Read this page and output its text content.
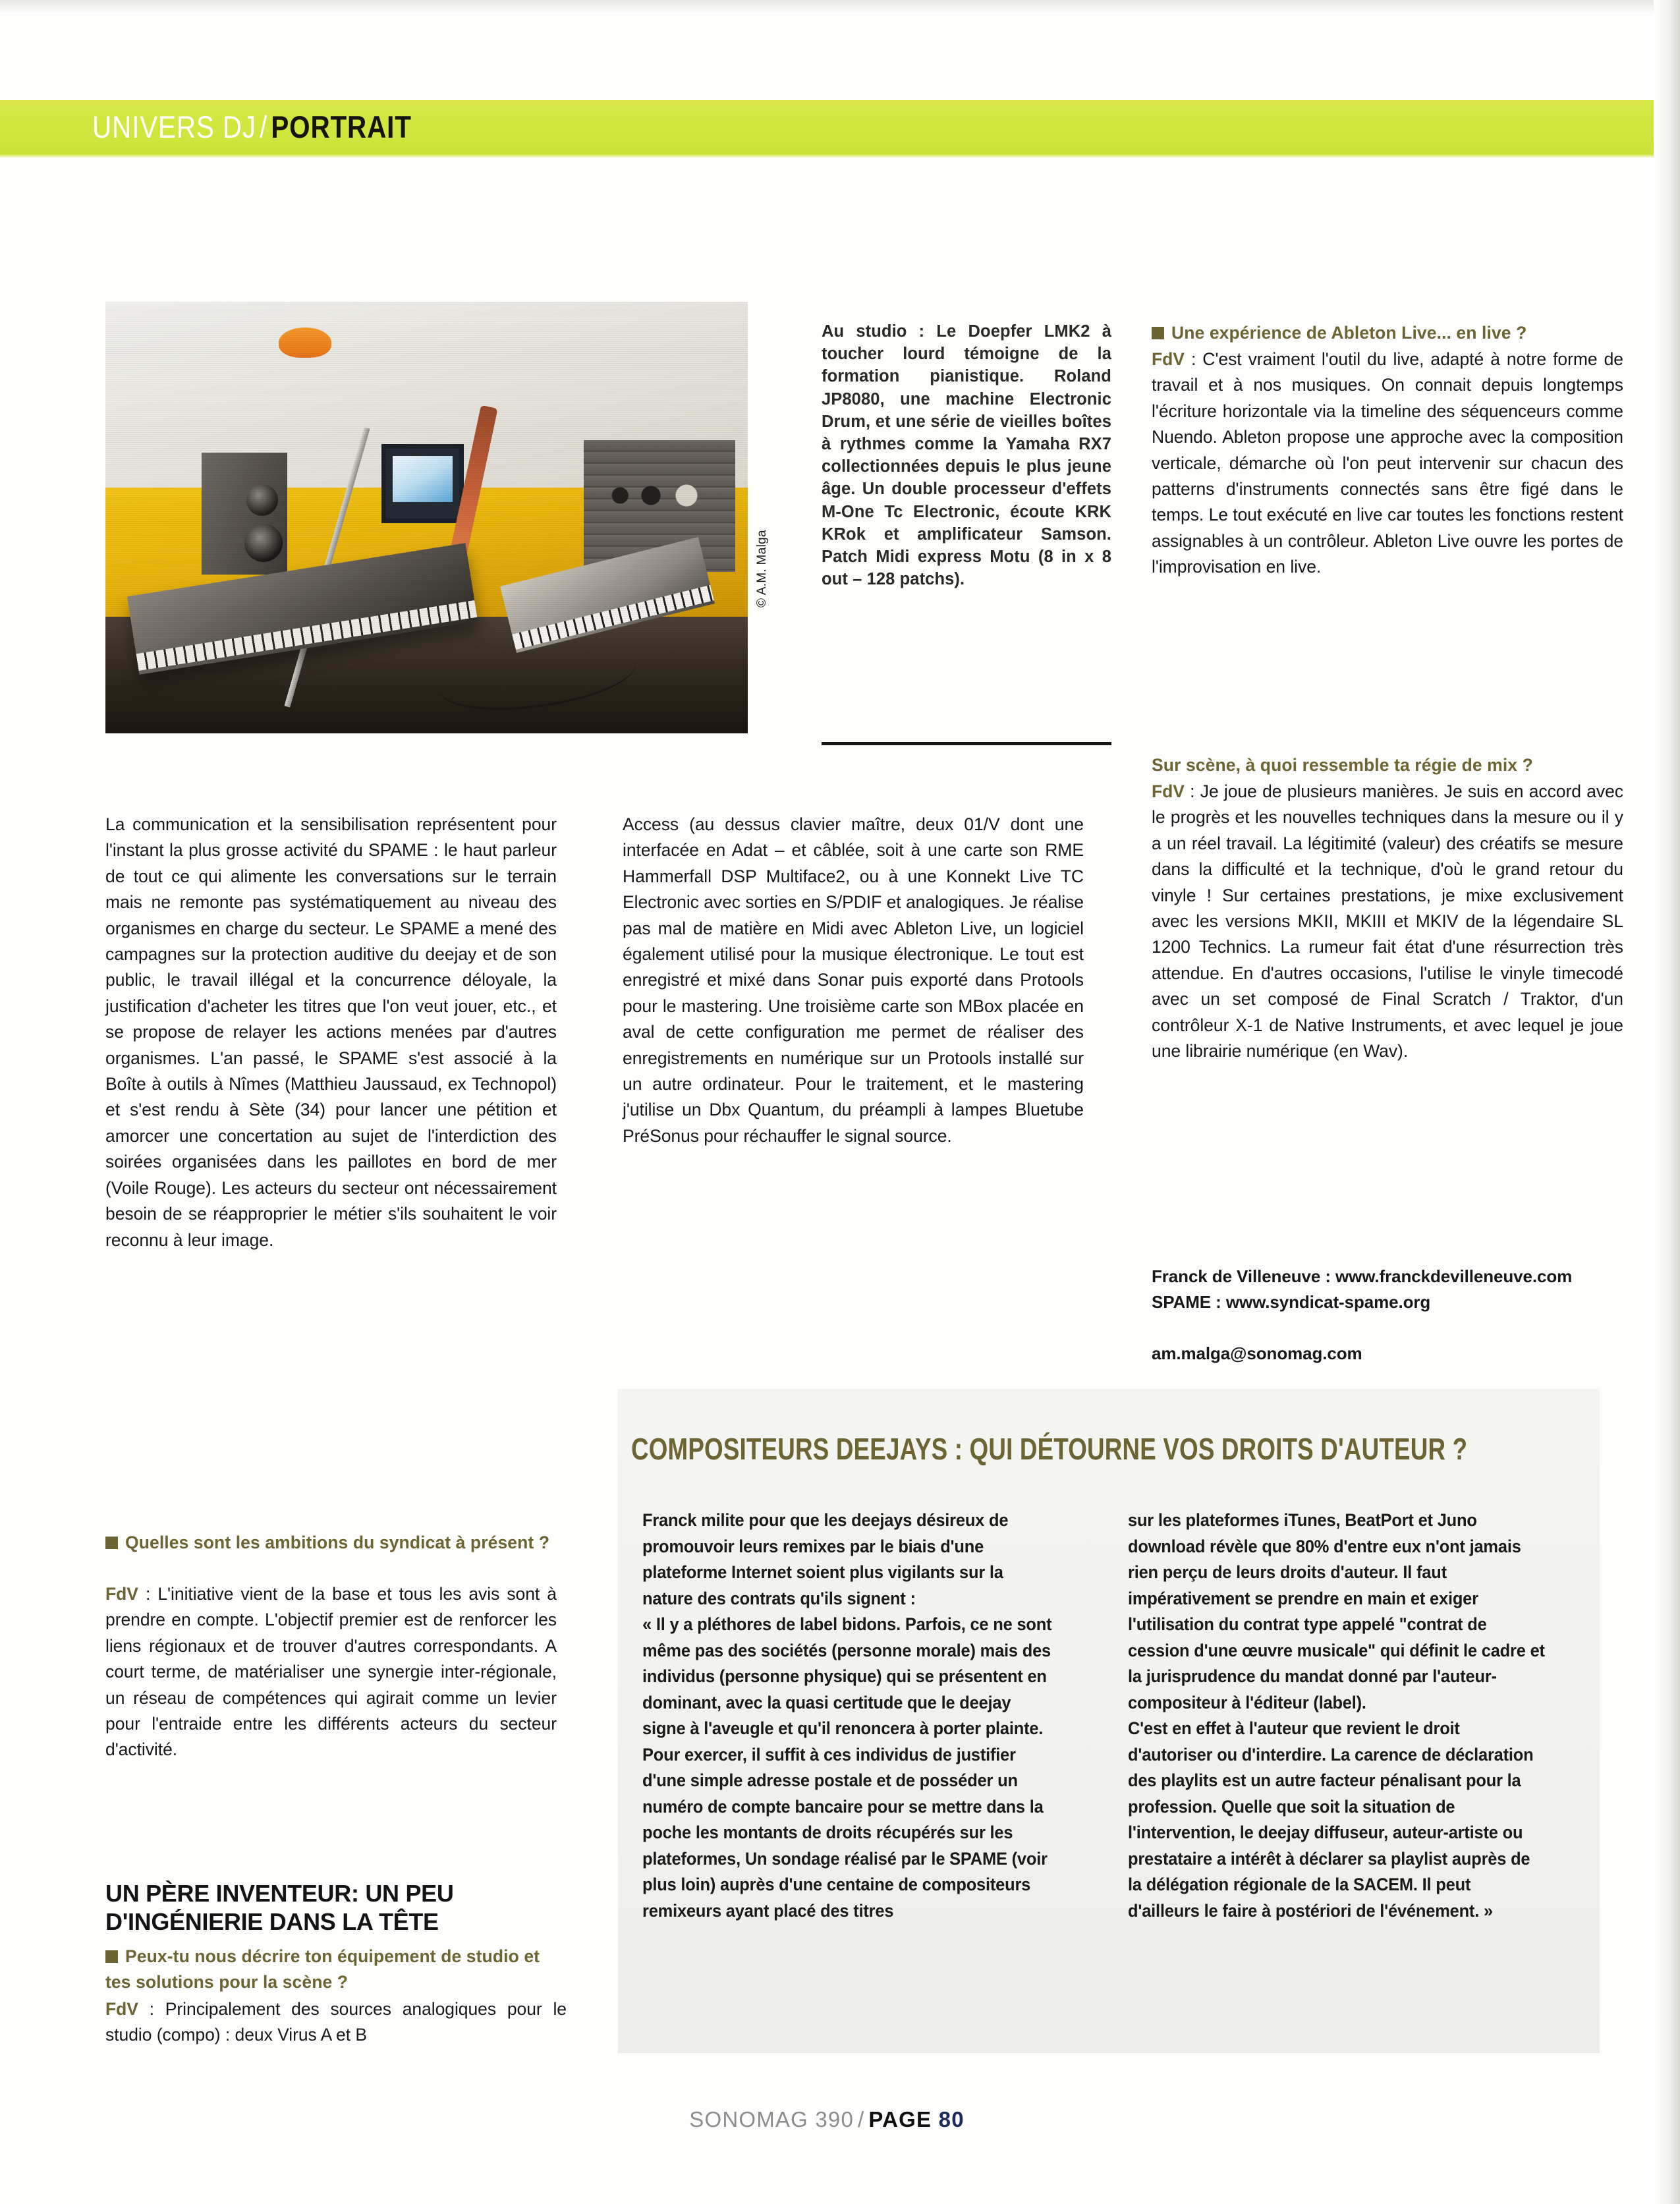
UNIVERS DJ / PORTRAIT
© A.M. Malga
Au studio : Le Doepfer LMK2 à toucher lourd témoigne de la formation pianistique. Roland JP8080, une machine Electronic Drum, et une série de vieilles boîtes à rythmes comme la Yamaha RX7 collectionnées depuis le plus jeune âge. Un double processeur d'effets M-One Tc Electronic, écoute KRK KRok et amplificateur Samson. Patch Midi express Motu (8 in x 8 out – 128 patchs).

La communication et la sensibilisation représentent pour l'instant la plus grosse activité du SPAME : le haut parleur de tout ce qui alimente les conversations sur le terrain mais ne remonte pas systématiquement au niveau des organismes en charge du secteur. Le SPAME a mené des campagnes sur la protection auditive du deejay et de son public, le travail illégal et la concurrence déloyale, la justification d'acheter les titres que l'on veut jouer, etc., et se propose de relayer les actions menées par d'autres organismes. L'an passé, le SPAME s'est associé à la Boîte à outils à Nîmes (Matthieu Jaussaud, ex Technopol) et s'est rendu à Sète (34) pour lancer une pétition et amorcer une concertation au sujet de l'interdiction des soirées organisées dans les paillotes en bord de mer (Voile Rouge). Les acteurs du secteur ont nécessairement besoin de se réapproprier le métier s'ils souhaitent le voir reconnu à leur image.

Quelles sont les ambitions du syndicat à présent ?

FdV : L'initiative vient de la base et tous les avis sont à prendre en compte. L'objectif premier est de renforcer les liens régionaux et de trouver d'autres correspondants. A court terme, de matérialiser une synergie inter-régionale, un réseau de compétences qui agirait comme un levier pour l'entraide entre les différents acteurs du secteur d'activité.

UN PÈRE INVENTEUR: UN PEU D'INGÉNIERIE DANS LA TÊTE
Peux-tu nous décrire ton équipement de studio et tes solutions pour la scène ?

FdV : Principalement des sources analogiques pour le studio (compo) : deux Virus A et B

Access (au dessus clavier maître, deux 01/V dont une interfacée en Adat – et câblée, soit à une carte son RME Hammerfall DSP Multiface2, ou à une Konnekt Live TC Electronic avec sorties en S/PDIF et analogiques. Je réalise pas mal de matière en Midi avec Ableton Live, un logiciel également utilisé pour la musique électronique. Le tout est enregistré et mixé dans Sonar puis exporté dans Protools pour le mastering. Une troisième carte son MBox placée en aval de cette configuration me permet de réaliser des enregistrements en numérique sur un Protools installé sur un autre ordinateur. Pour le traitement, et le mastering j'utilise un Dbx Quantum, du préampli à lampes Bluetube PréSonus pour réchauffer le signal source.

Une expérience de Ableton Live... en live ?

FdV : C'est vraiment l'outil du live, adapté à notre forme de travail et à nos musiques. On connait depuis longtemps l'écriture horizontale via la timeline des séquenceurs comme Nuendo. Ableton propose une approche avec la composition verticale, démarche où l'on peut intervenir sur chacun des patterns d'instruments connectés sans être figé dans le temps. Le tout exécuté en live car toutes les fonctions restent assignables à un contrôleur. Ableton Live ouvre les portes de l'improvisation en live.

Sur scène, à quoi ressemble ta régie de mix ?

FdV : Je joue de plusieurs manières. Je suis en accord avec le progrès et les nouvelles techniques dans la mesure ou il y a un réel travail. La légitimité (valeur) des créatifs se mesure dans la difficulté et la technique, d'où le grand retour du vinyle ! Sur certaines prestations, je mixe exclusivement avec les versions MKII, MKIII et MKIV de la légendaire SL 1200 Technics. La rumeur fait état d'une résurrection très attendue. En d'autres occasions, l'utilise le vinyle timecodé avec un set composé de Final Scratch / Traktor, d'un contrôleur X-1 de Native Instruments, et avec lequel je joue une librairie numérique (en Wav).

Franck de Villeneuve : www.franckdevilleneuve.com
SPAME : www.syndicat-spame.org
am.malga@sonomag.com
COMPOSITEURS DEEJAYS : QUI DÉTOURNE VOS DROITS D'AUTEUR ?
Franck milite pour que les deejays désireux de promouvoir leurs remixes par le biais d'une plateforme Internet soient plus vigilants sur la nature des contrats qu'ils signent :
« Il y a pléthores de label bidons. Parfois, ce ne sont même pas des sociétés (personne morale) mais des individus (personne physique) qui se présentent en dominant, avec la quasi certitude que le deejay signe à l'aveugle et qu'il renoncera à porter plainte. Pour exercer, il suffit à ces individus de justifier d'une simple adresse postale et de posséder un numéro de compte bancaire pour se mettre dans la poche les montants de droits récupérés sur les plateformes, Un sondage réalisé par le SPAME (voir plus loin) auprès d'une centaine de compositeurs remixeurs ayant placé des titres
sur les plateformes iTunes, BeatPort et Juno download révèle que 80% d'entre eux n'ont jamais rien perçu de leurs droits d'auteur. Il faut impérativement se prendre en main et exiger l'utilisation du contrat type appelé "contrat de cession d'une œuvre musicale" qui définit le cadre et la jurisprudence du mandat donné par l'auteur-compositeur à l'éditeur (label).
C'est en effet à l'auteur que revient le droit d'autoriser ou d'interdire. La carence de déclaration des playlits est un autre facteur pénalisant pour la profession. Quelle que soit la situation de l'intervention, le deejay diffuseur, auteur-artiste ou prestataire a intérêt à déclarer sa playlist auprès de la délégation régionale de la SACEM. Il peut d'ailleurs le faire à postériori de l'événement. »
SONOMAG 390 / PAGE 80
